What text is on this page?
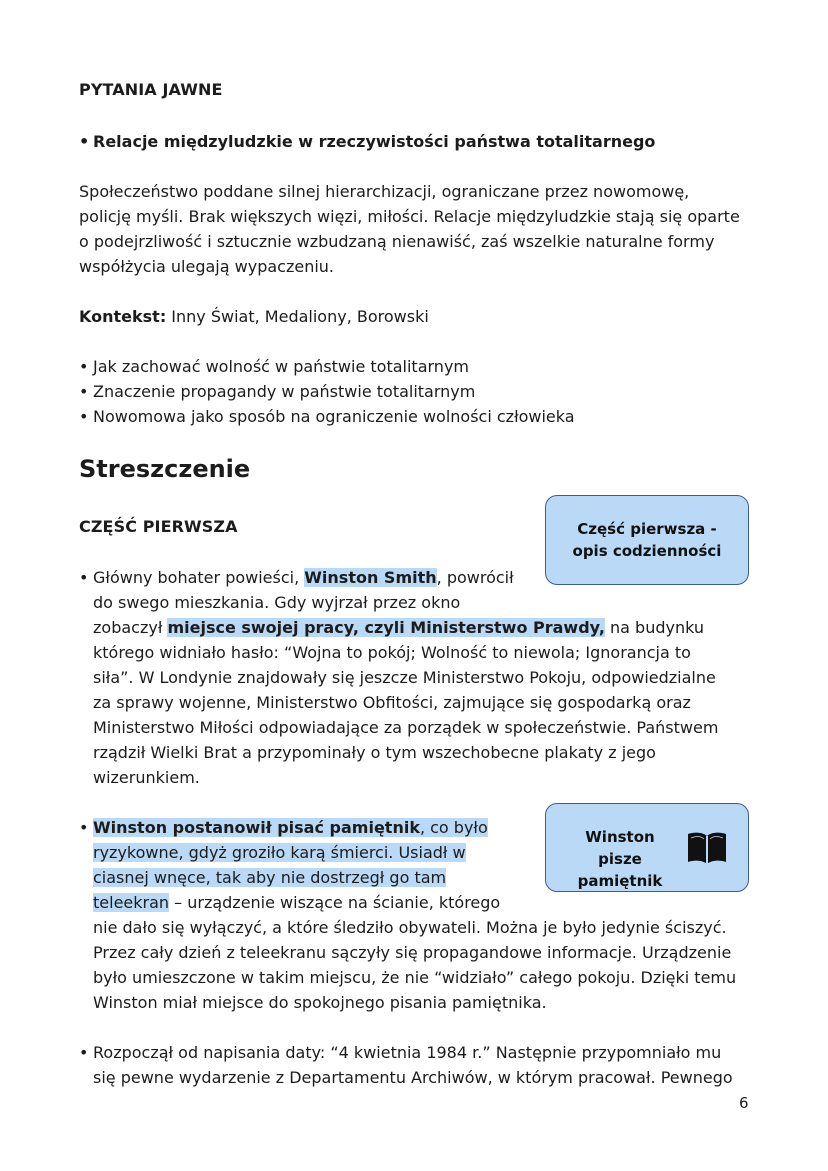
PYTANIA JAWNE
• Relacje międzyludzkie w rzeczywistości państwa totalitarnego
Społeczeństwo poddane silnej hierarchizacji, ograniczane przez nowomowę,
policję myśli. Brak większych więzi, miłości. Relacje międzyludzkie stają się oparte
o podejrzliwość i sztucznie wzbudzaną nienawiść, zaś wszelkie naturalne formy
współżycia ulegają wypaczeniu.
Kontekst: Inny Świat, Medaliony, Borowski
• Jak zachować wolność w państwie totalitarnym
• Znaczenie propagandy w państwie totalitarnym
• Nowomowa jako sposób na ograniczenie wolności człowieka
Streszczenie
CZĘŚĆ PIERWSZA	Część pierwsza -
opis codzienności
• Główny bohater powieści, Winston Smith, powrócił
do swego mieszkania. Gdy wyjrzał przez okno
zobaczył miejsce swojej pracy, czyli Ministerstwo Prawdy, na budynku
którego widniało hasło: “Wojna to pokój; Wolność to niewola; Ignorancja to
siła”. W Londynie znajdowały się jeszcze Ministerstwo Pokoju, odpowiedzialne
za sprawy wojenne, Ministerstwo Obfitości, zajmujące się gospodarką oraz
Ministerstwo Miłości odpowiadające za porządek w społeczeństwie. Państwem
rządził Wielki Brat a przypominały o tym wszechobecne plakaty z jego
wizerunkiem.
Winston pisze
pamiętnik
• Winston postanowił pisać pamiętnik, co było
ryzykowne, gdyż groziło karą śmierci. Usiadł w
ciasnej wnęce, tak aby nie dostrzegł go tam
teleekran – urządzenie wiszące na ścianie, którego
nie dało się wyłączyć, a które śledziło obywateli. Można je było jedynie ściszyć.
Przez cały dzień z teleekranu sączyły się propagandowe informacje. Urządzenie
było umieszczone w takim miejscu, że nie “widziało” całego pokoju. Dzięki temu
Winston miał miejsce do spokojnego pisania pamiętnika.
• Rozpoczął od napisania daty: “4 kwietnia 1984 r.” Następnie przypomniało mu
się pewne wydarzenie z Departamentu Archiwów, w którym pracował. Pewnego
6
